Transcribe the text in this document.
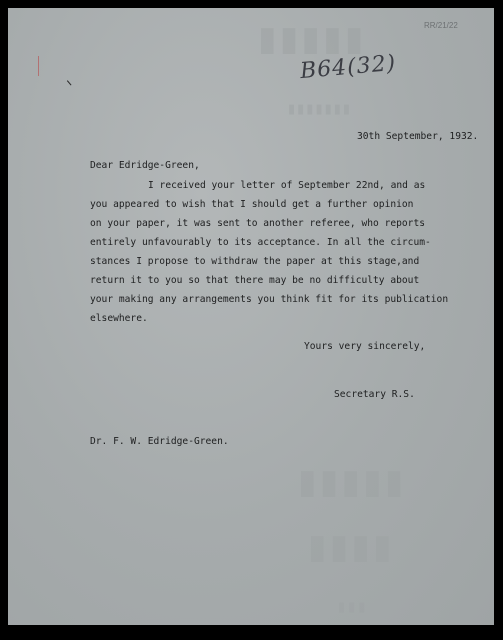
▮▮▮▮▮
▮▮▮▮▮▮▮
▮▮▮▮▮
▮▮▮▮
▮▮▮
RR/21/22
B64(32)
30th September, 1932.
Dear Edridge-Green,
I received your letter of September 22nd, and as
you appeared to wish that I should get a further opinion
on your paper, it was sent to another referee, who reports
entirely unfavourably to its acceptance. In all the circum-
stances I propose to withdraw the paper at this stage,and
return it to you so that there may be no difficulty about
your making any arrangements you think fit for its publication
elsewhere.
Yours very sincerely,
Secretary R.S.
Dr. F. W. Edridge-Green.
